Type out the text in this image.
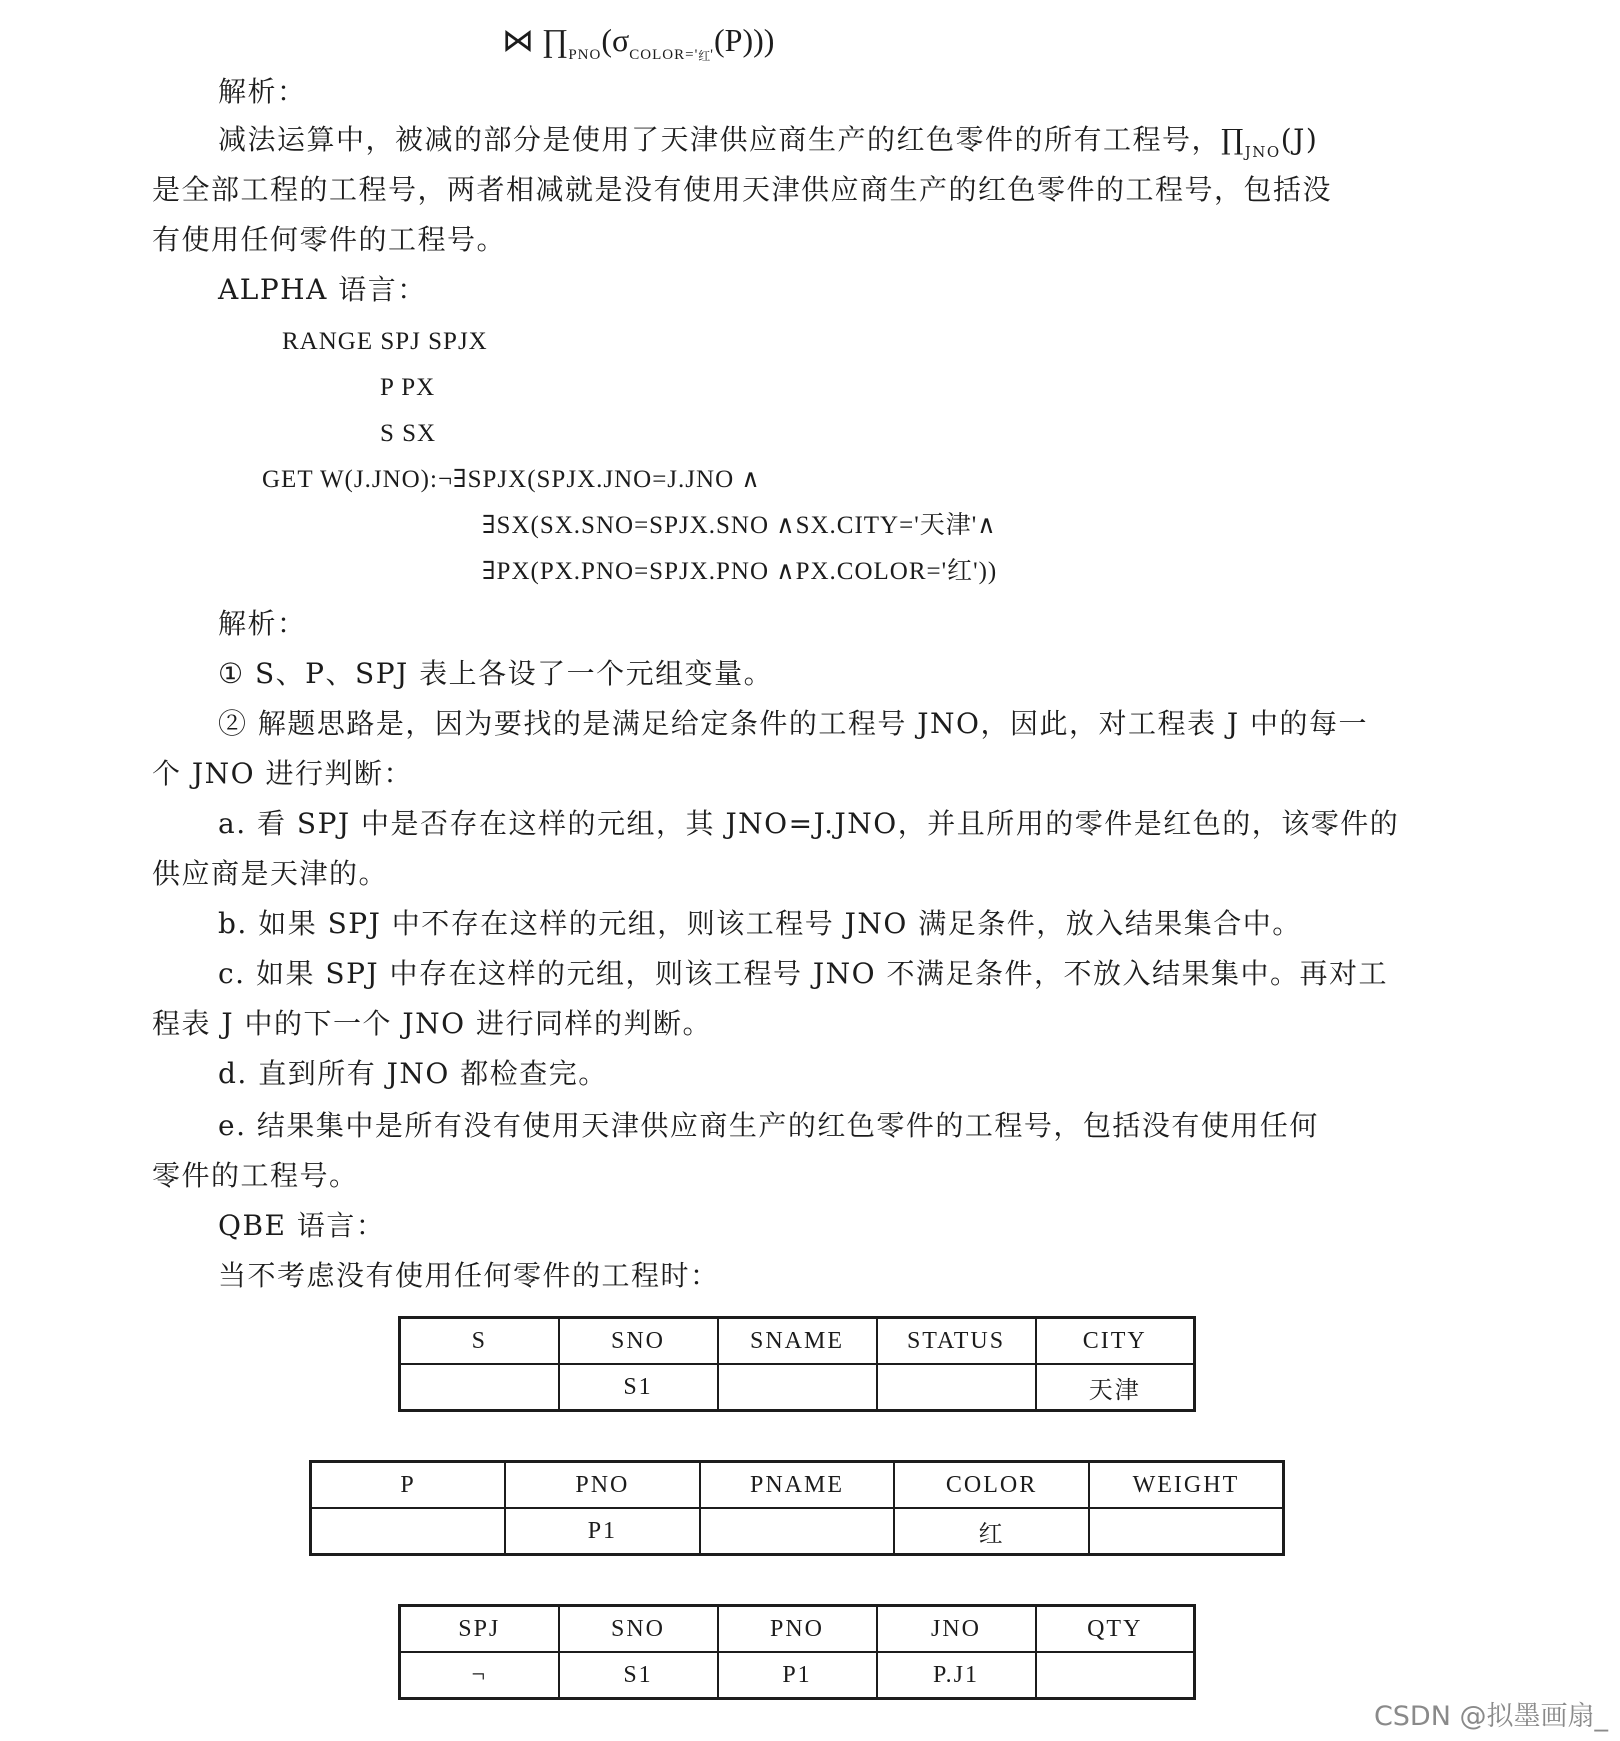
⋈ $\prod_{PNO}(\sigma_{COLOR='红'}(P))$)
解析：
减法运算中，被减的部分是使用了天津供应商生产的红色零件的所有工程号，$\prod_{JNO}(J)$
是全部工程的工程号，两者相减就是没有使用天津供应商生产的红色零件的工程号，包括没
有使用任何零件的工程号。
ALPHA 语言：
RANGE SPJ SPJX
P PX
S SX
GET W(J.JNO):¬∃SPJX(SPJX.JNO=J.JNO ∧
∃SX(SX.SNO=SPJX.SNO ∧SX.CITY='天津'∧
∃PX(PX.PNO=SPJX.PNO ∧PX.COLOR='红'))
解析：
① S、P、SPJ 表上各设了一个元组变量。
② 解题思路是，因为要找的是满足给定条件的工程号 JNO，因此，对工程表 J 中的每一
个 JNO 进行判断：
a. 看 SPJ 中是否存在这样的元组，其 JNO=J.JNO，并且所用的零件是红色的，该零件的
供应商是天津的。
b. 如果 SPJ 中不存在这样的元组，则该工程号 JNO 满足条件，放入结果集合中。
c. 如果 SPJ 中存在这样的元组，则该工程号 JNO 不满足条件，不放入结果集中。再对工
程表 J 中的下一个 JNO 进行同样的判断。
d. 直到所有 JNO 都检查完。
e. 结果集中是所有没有使用天津供应商生产的红色零件的工程号，包括没有使用任何
零件的工程号。
QBE 语言：
当不考虑没有使用任何零件的工程时：
S	SNO	SNAME	STATUS	CITY
	S1			天津
P	PNO	PNAME	COLOR	WEIGHT
	P1		红	
SPJ	SNO	PNO	JNO	QTY
¬	S1	P1	P.J1	
CSDN @拟墨画扇_
